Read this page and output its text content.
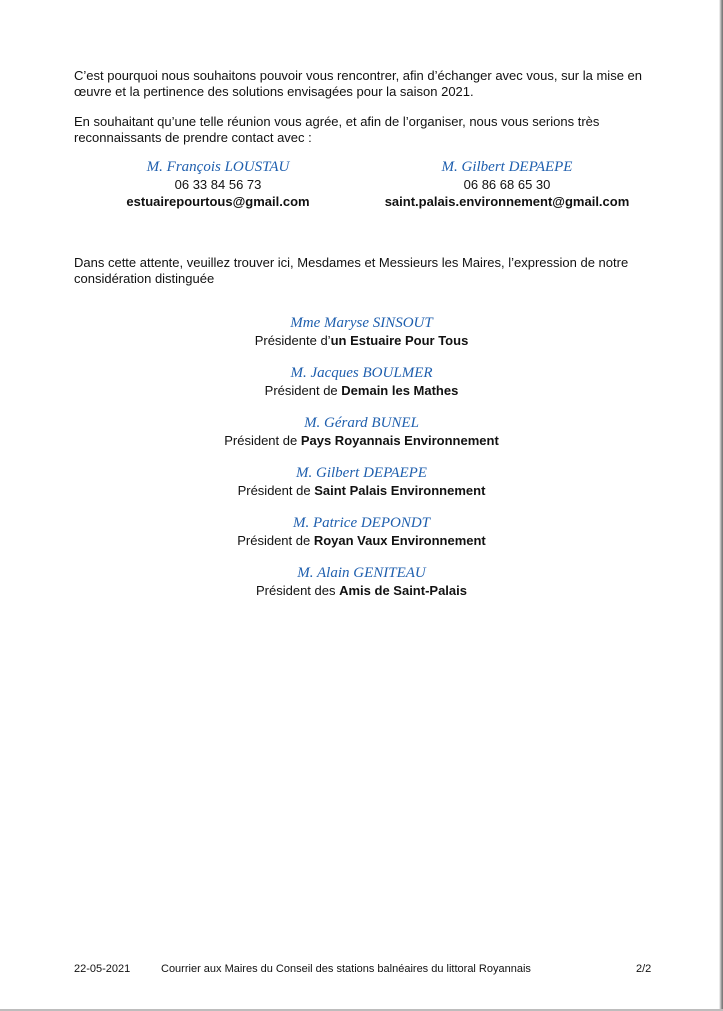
C’est pourquoi nous souhaitons pouvoir vous rencontrer, afin d’échanger avec vous, sur la mise en œuvre et la pertinence des solutions envisagées pour la saison 2021.

En souhaitant qu’une telle réunion vous agrée, et afin de l’organiser, nous vous serions très reconnaissants de prendre contact avec :

M. François LOUSTAU
06 33 84 56 73
estuairepourtous@gmail.com
M. Gilbert DEPAEPE
06 86 68 65 30
saint.palais.environnement@gmail.com

Dans cette attente, veuillez trouver ici, Mesdames et Messieurs les Maires, l’expression de notre considération distinguée

Mme Maryse SINSOUT
Présidente d’un Estuaire Pour Tous
M. Jacques BOULMER
Président de Demain les Mathes
M. Gérard BUNEL
Président de Pays Royannais Environnement
M. Gilbert DEPAEPE
Président de Saint Palais Environnement
M. Patrice DEPONDT
Président de Royan Vaux Environnement
M. Alain GENITEAU
Président des Amis de Saint-Palais
22-05-2021	Courrier aux Maires du Conseil des stations balnéaires du littoral Royannais	2/2
